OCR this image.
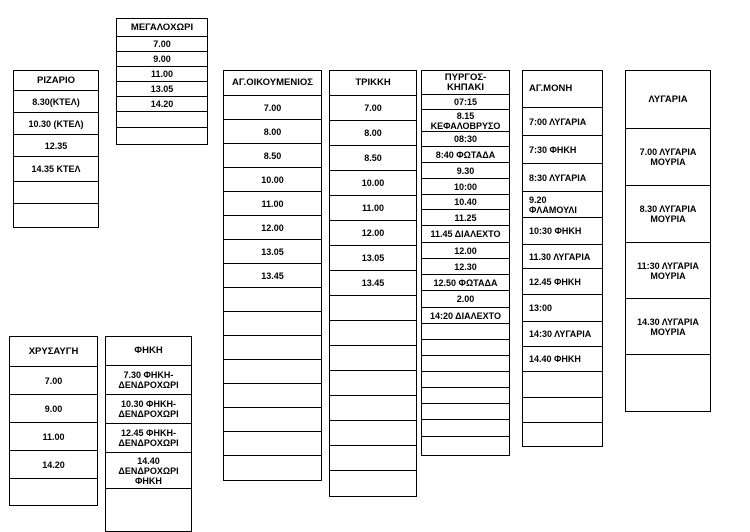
ΡΙΖΑΡΙΟ
8.30(ΚΤΕΛ)
10.30 (ΚΤΕΛ)
12.35
14.35 ΚΤΕΛ
ΜΕΓΑΛΟΧΩΡΙ
7.00
9.00
11.00
13.05
14.20
ΑΓ.ΟΙΚΟΥΜΕΝΙΟΣ
7.00
8.00
8.50
10.00
11.00
12.00
13.05
13.45
ΤΡΙΚΚΗ
7.00
8.00
8.50
10.00
11.00
12.00
13.05
13.45
ΠΥΡΓΟΣ-
ΚΗΠΑΚΙ
07:15
8.15
ΚΕΦΑΛΟΒΡΥΣΟ
08:30
8:40 ΦΩΤΑΔΑ
9.30
10:00
10.40
11.25
11.45 ΔΙΑΛΕΧΤΟ
12.00
12.30
12.50 ΦΩΤΑΔΑ
2.00
14:20 ΔΙΑΛΕΧΤΟ
ΑΓ.ΜΟΝΗ
7:00 ΛΥΓΑΡΙΑ
7:30 ΦΗΚΗ
8:30 ΛΥΓΑΡΙΑ
9.20
ΦΛΑΜΟΥΛΙ
10:30 ΦΗΚΗ
11.30 ΛΥΓΑΡΙΑ
12.45 ΦΗΚΗ
13:00
14:30 ΛΥΓΑΡΙΑ
14.40 ΦΗΚΗ
ΛΥΓΑΡΙΑ
7.00 ΛΥΓΑΡΙΑ
ΜΟΥΡΙΑ
8.30 ΛΥΓΑΡΙΑ
ΜΟΥΡΙΑ
11:30 ΛΥΓΑΡΙΑ
ΜΟΥΡΙΑ
14.30 ΛΥΓΑΡΙΑ
ΜΟΥΡΙΑ
ΧΡΥΣΑΥΓΗ
7.00
9.00
11.00
14.20
ΦΗΚΗ
7.30 ΦΗΚΗ-
ΔΕΝΔΡΟΧΩΡΙ
10.30 ΦΗΚΗ-
ΔΕΝΔΡΟΧΩΡΙ
12.45 ΦΗΚΗ-
ΔΕΝΔΡΟΧΩΡΙ
14.40
ΔΕΝΔΡΟΧΩΡΙ
ΦΗΚΗ
